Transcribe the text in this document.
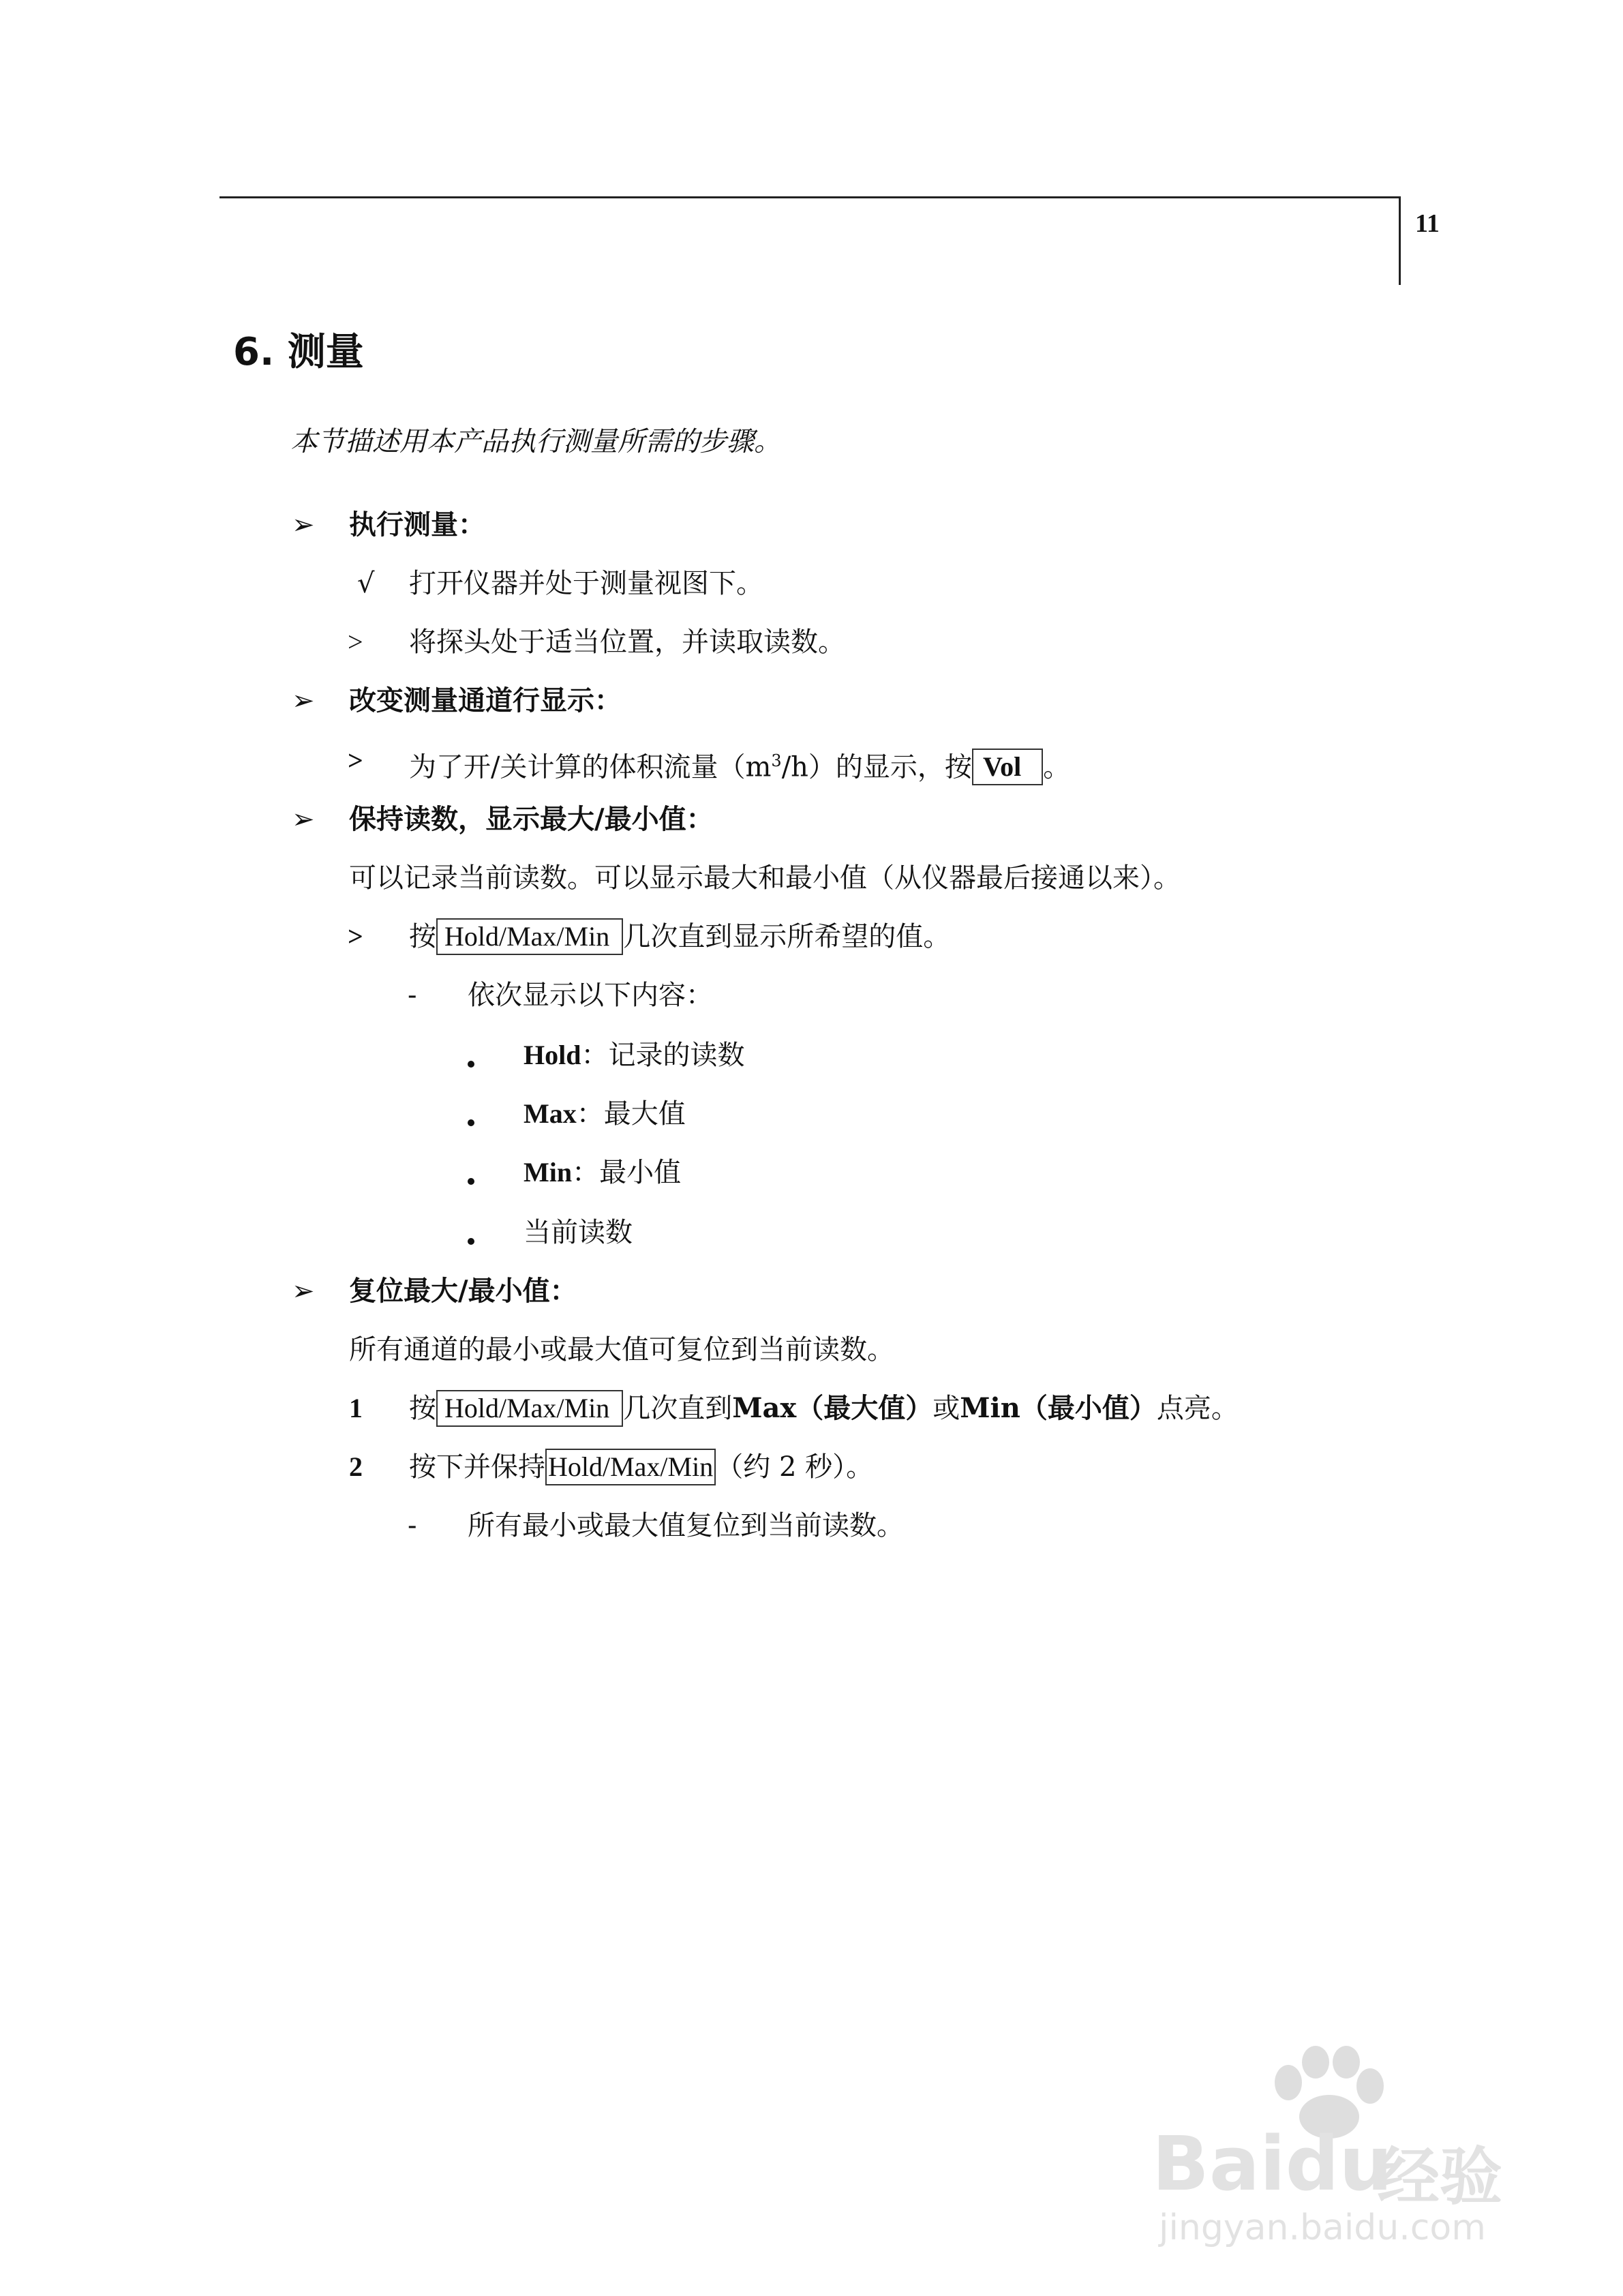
11
6. 测量
本节描述用本产品执行测量所需的步骤。
➢ 执行测量：
√ 打开仪器并处于测量视图下。
> 将探头处于适当位置，并读取读数。
➢ 改变测量通道行显示：
> 为了开/关计算的体积流量$(m^3/h)$的显示，按 Vol 。
➢ 保持读数，显示最大/最小值：
可以记录当前读数。可以显示最大和最小值（从仪器最后接通以来）。
> 按 Hold/Max/Min 几次直到显示所希望的值。
- 依次显示以下内容：
Hold：记录的读数
Max：最大值
Min：最小值
当前读数
➢ 复位最大/最小值：
所有通道的最小或最大值可复位到当前读数。
1 按 Hold/Max/Min 几次直到Max（最大值）或Min（最小值）点亮。
2 按下并保持 Hold/Max/Min （约 2 秒）。
- 所有最小或最大值复位到当前读数。
Baidu
经验
jingyan.baidu.com
